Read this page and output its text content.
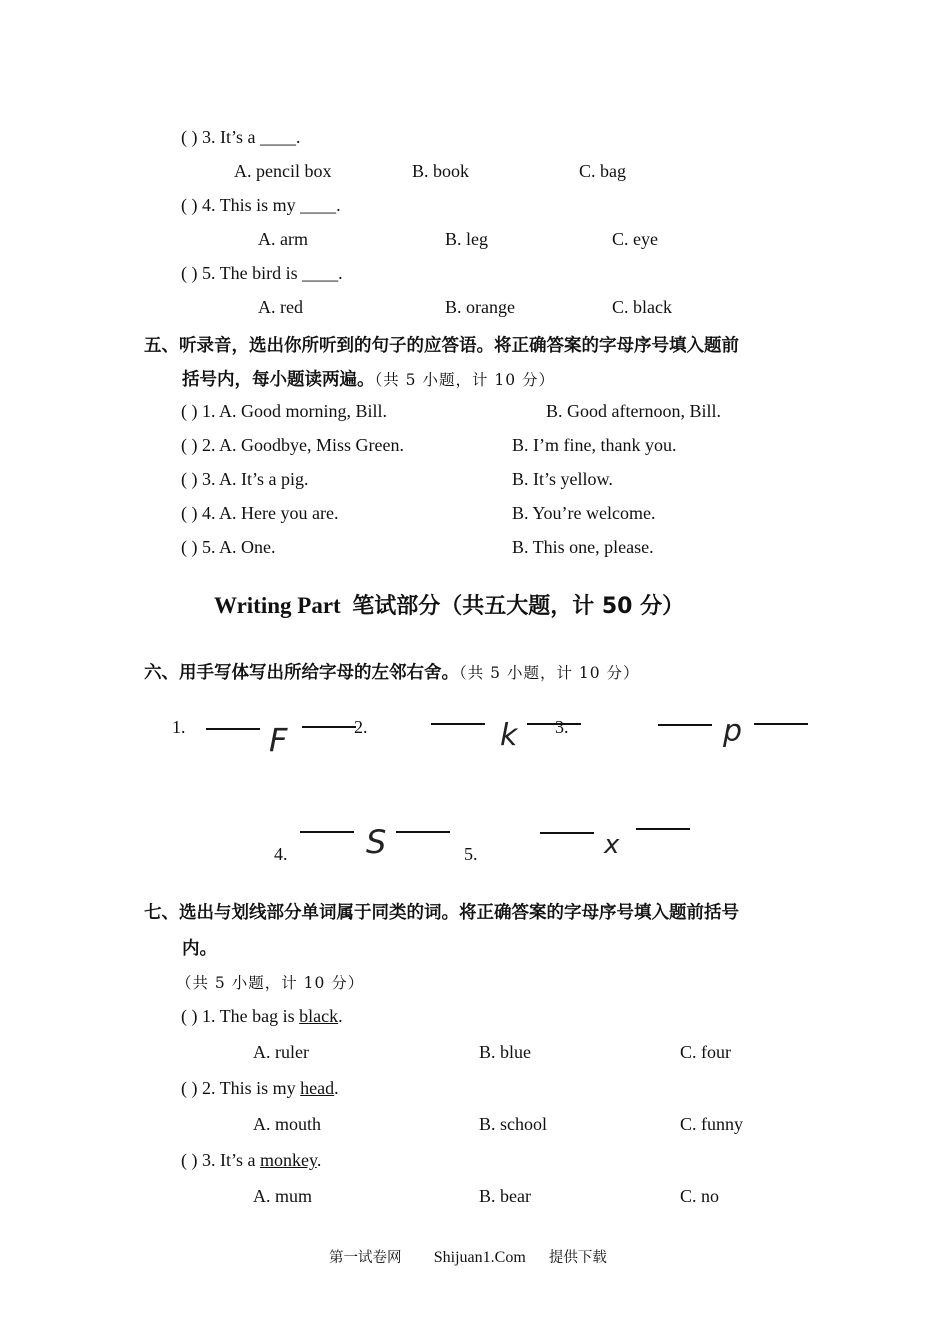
( ) 3. It’s a ____.
A. pencil box	B. book	C. bag
( ) 4. This is my ____.
A. arm	B. leg	C. eye
( ) 5. The bird is ____.
A. red	B. orange	C. black
五、听录音，选出你所听到的句子的应答语。将正确答案的字母序号填入题前
括号内，每小题读两遍。（共 5 小题，计 10 分）
( ) 1. A. Good morning, Bill.	B. Good afternoon, Bill.
( ) 2. A. Goodbye, Miss Green.	B. I’m fine, thank you.
( ) 3. A. It’s a pig.	B. It’s yellow.
( ) 4. A. Here you are.	B. You’re welcome.
( ) 5. A. One.	B. This one, please.
Writing Part 笔试部分（共五大题，计 50 分）
六、用手写体写出所给字母的左邻右舍。（共 5 小题，计 10 分）
1.	F	2.	k 3.	p
4. S	5.	x
七、选出与划线部分单词属于同类的词。将正确答案的字母序号填入题前括号
内。
（共 5 小题，计 10 分）
( ) 1. The bag is black.
A. ruler	B. blue	C. four
( ) 2. This is my head.
A. mouth	B. school	C. funny
( ) 3. It’s a monkey.
A. mum	B. bear	C. no
第一试卷网 Shijuan1.Com 提供下载
